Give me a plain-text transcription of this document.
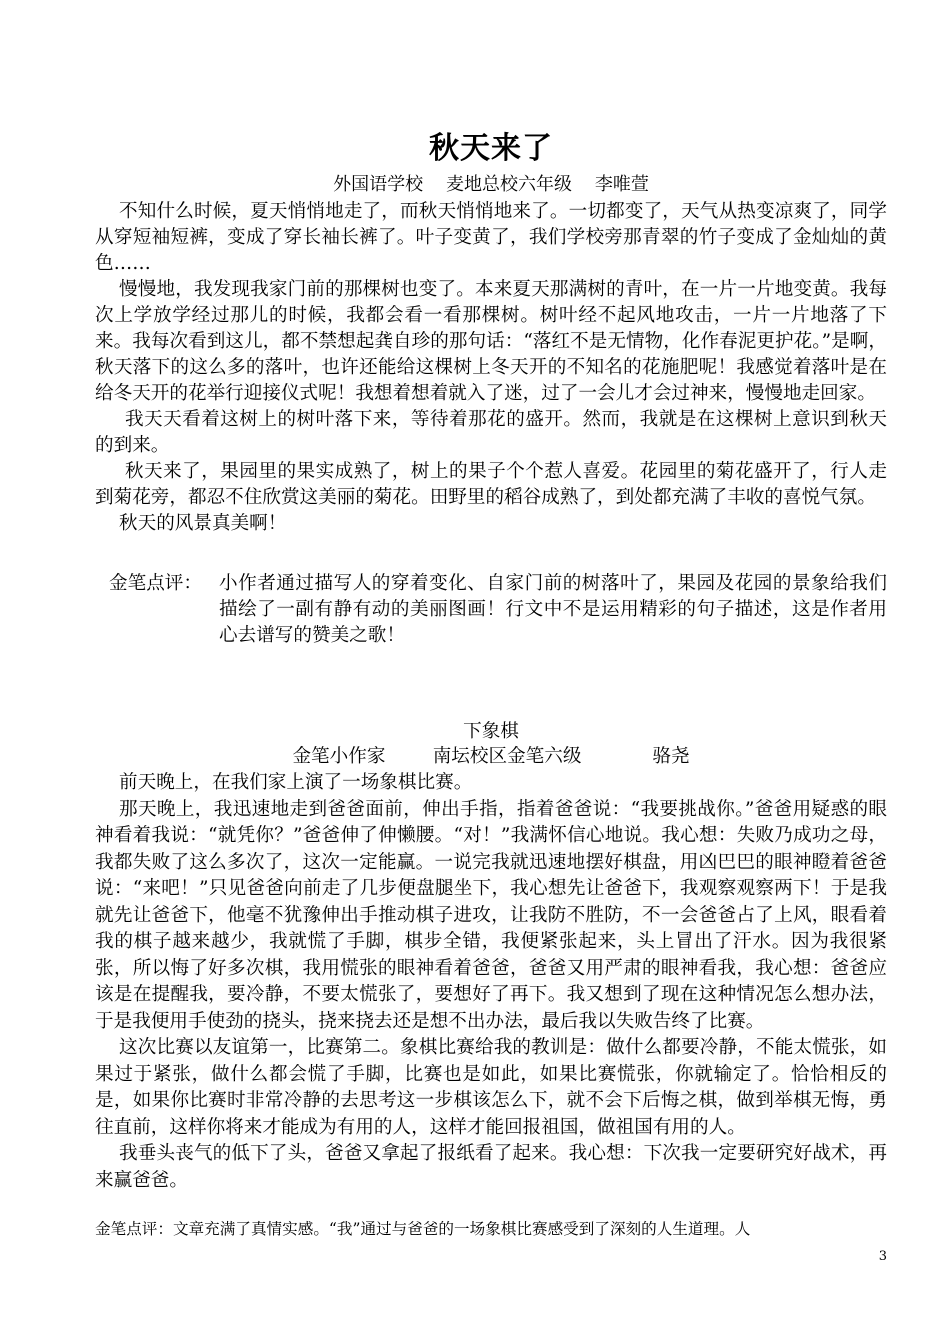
秋天来了
外国语学校    麦地总校六年级    李唯萱

不知什么时候，夏天悄悄地走了，而秋天悄悄地来了。一切都变了，天气从热变凉爽了，同学从穿短袖短裤，变成了穿长袖长裤了。叶子变黄了，我们学校旁那青翠的竹子变成了金灿灿的黄色……

慢慢地，我发现我家门前的那棵树也变了。本来夏天那满树的青叶，在一片一片地变黄。我每次上学放学经过那儿的时候，我都会看一看那棵树。树叶经不起风地攻击，一片一片地落了下来。我每次看到这儿，都不禁想起龚自珍的那句话：“落红不是无情物，化作春泥更护花。”是啊，秋天落下的这么多的落叶，也许还能给这棵树上冬天开的不知名的花施肥呢！我感觉着落叶是在给冬天开的花举行迎接仪式呢！我想着想着就入了迷，过了一会儿才会过神来，慢慢地走回家。

我天天看着这树上的树叶落下来，等待着那花的盛开。然而，我就是在这棵树上意识到秋天的到来。

秋天来了，果园里的果实成熟了，树上的果子个个惹人喜爱。花园里的菊花盛开了，行人走到菊花旁，都忍不住欣赏这美丽的菊花。田野里的稻谷成熟了，到处都充满了丰收的喜悦气氛。

秋天的风景真美啊！

金笔点评： 小作者通过描写人的穿着变化、自家门前的树落叶了，果园及花园的景象给我们描绘了一副有静有动的美丽图画！行文中不是运用精彩的句子描述，这是作者用心去谱写的赞美之歌！
下象棋
金笔小作家        南坛校区金笔六级            骆尧

前天晚上，在我们家上演了一场象棋比赛。

那天晚上，我迅速地走到爸爸面前，伸出手指，指着爸爸说：“我要挑战你。”爸爸用疑惑的眼神看着我说：“就凭你？”爸爸伸了伸懒腰。“对！”我满怀信心地说。我心想：失败乃成功之母，我都失败了这么多次了，这次一定能赢。一说完我就迅速地摆好棋盘，用凶巴巴的眼神瞪着爸爸说：“来吧！”只见爸爸向前走了几步便盘腿坐下，我心想先让爸爸下，我观察观察两下！于是我就先让爸爸下，他毫不犹豫伸出手推动棋子进攻，让我防不胜防，不一会爸爸占了上风，眼看着我的棋子越来越少，我就慌了手脚，棋步全错，我便紧张起来，头上冒出了汗水。因为我很紧张，所以悔了好多次棋，我用慌张的眼神看着爸爸，爸爸又用严肃的眼神看我，我心想：爸爸应该是在提醒我，要冷静，不要太慌张了，要想好了再下。我又想到了现在这种情况怎么想办法，于是我便用手使劲的挠头，挠来挠去还是想不出办法，最后我以失败告终了比赛。

这次比赛以友谊第一，比赛第二。象棋比赛给我的教训是：做什么都要冷静，不能太慌张，如果过于紧张，做什么都会慌了手脚，比赛也是如此，如果比赛慌张，你就输定了。恰恰相反的是，如果你比赛时非常冷静的去思考这一步棋该怎么下，就不会下后悔之棋，做到举棋无悔，勇往直前，这样你将来才能成为有用的人，这样才能回报祖国，做祖国有用的人。

我垂头丧气的低下了头，爸爸又拿起了报纸看了起来。我心想：下次我一定要研究好战术，再来赢爸爸。

金笔点评：文章充满了真情实感。“我”通过与爸爸的一场象棋比赛感受到了深刻的人生道理。人
3
